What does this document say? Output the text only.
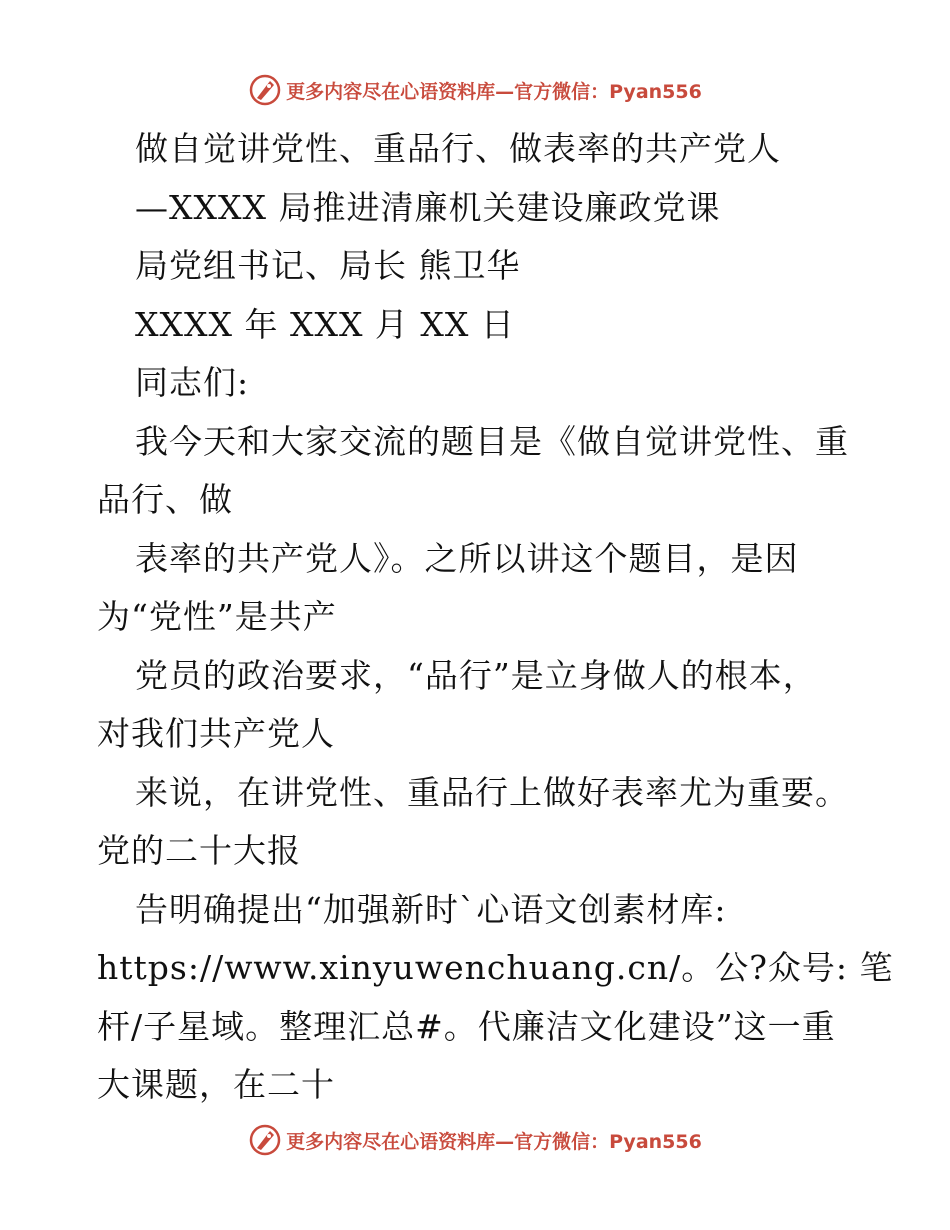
更多内容尽在心语资料库—官方微信：Pyan556
做自觉讲党性、重品行、做表率的共产党人
—XXXX 局推进清廉机关建设廉政党课
局党组书记、局长 熊卫华
XXXX 年 XXX 月 XX 日
同志们:
我今天和大家交流的题目是《做自觉讲党性、重
品行、做
表率的共产党人》。之所以讲这个题目，是因
为“党性”是共产
党员的政治要求，“品行”是立身做人的根本，
对我们共产党人
来说，在讲党性、重品行上做好表率尤为重要。
党的二十大报
告明确提出“加强新时`心语文创素材库:
https://www.xinyuwenchuang.cn/。公?众号: 笔
杆/子星域。整理汇总#。代廉洁文化建设”这一重
大课题，在二十
更多内容尽在心语资料库—官方微信：Pyan556
